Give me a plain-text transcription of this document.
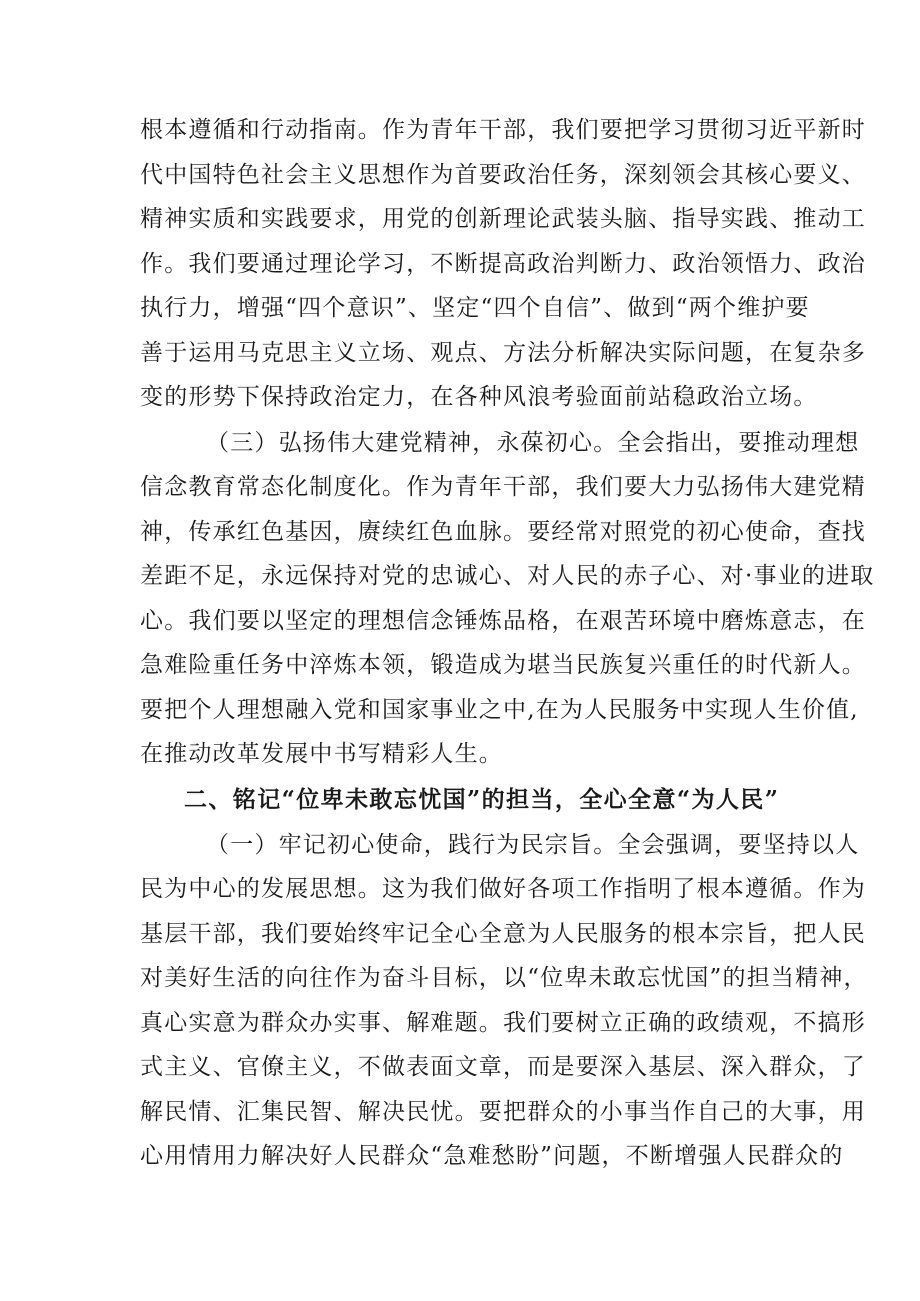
根本遵循和行动指南。作为青年干部，我们要把学习贯彻习近平新时
代中国特色社会主义思想作为首要政治任务，深刻领会其核心要义、
精神实质和实践要求，用党的创新理论武装头脑、指导实践、推动工
作。我们要通过理论学习，不断提高政治判断力、政治领悟力、政治
执行力，增强“四个意识”、坚定“四个自信”、做到“两个维护要
善于运用马克思主义立场、观点、方法分析解决实际问题，在复杂多
变的形势下保持政治定力，在各种风浪考验面前站稳政治立场。
（三）弘扬伟大建党精神，永葆初心。全会指出，要推动理想
信念教育常态化制度化。作为青年干部，我们要大力弘扬伟大建党精
神，传承红色基因，赓续红色血脉。要经常对照党的初心使命，查找
差距不足，永远保持对党的忠诚心、对人民的赤子心、对·事业的进取
心。我们要以坚定的理想信念锤炼品格，在艰苦环境中磨炼意志，在
急难险重任务中淬炼本领，锻造成为堪当民族复兴重任的时代新人。
要把个人理想融入党和国家事业之中,在为人民服务中实现人生价值,
在推动改革发展中书写精彩人生。
二、铭记“位卑未敢忘忧国”的担当，全心全意“为人民”
（一）牢记初心使命，践行为民宗旨。全会强调，要坚持以人
民为中心的发展思想。这为我们做好各项工作指明了根本遵循。作为
基层干部，我们要始终牢记全心全意为人民服务的根本宗旨，把人民
对美好生活的向往作为奋斗目标，以“位卑未敢忘忧国”的担当精神，
真心实意为群众办实事、解难题。我们要树立正确的政绩观，不搞形
式主义、官僚主义，不做表面文章，而是要深入基层、深入群众，了
解民情、汇集民智、解决民忧。要把群众的小事当作自己的大事，用
心用情用力解决好人民群众“急难愁盼”问题，不断增强人民群众的
